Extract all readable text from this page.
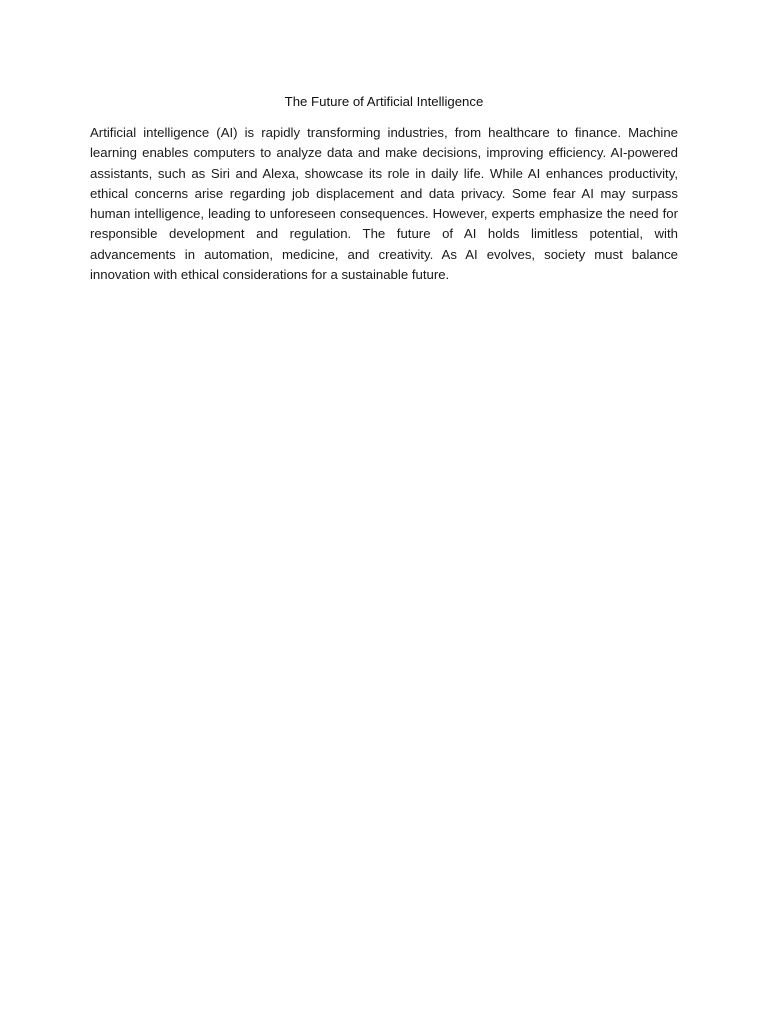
The Future of Artificial Intelligence

Artificial intelligence (AI) is rapidly transforming industries, from healthcare to finance. Machine learning enables computers to analyze data and make decisions, improving efficiency. AI-powered assistants, such as Siri and Alexa, showcase its role in daily life. While AI enhances productivity, ethical concerns arise regarding job displacement and data privacy. Some fear AI may surpass human intelligence, leading to unforeseen consequences. However, experts emphasize the need for responsible development and regulation. The future of AI holds limitless potential, with advancements in automation, medicine, and creativity. As AI evolves, society must balance innovation with ethical considerations for a sustainable future.
